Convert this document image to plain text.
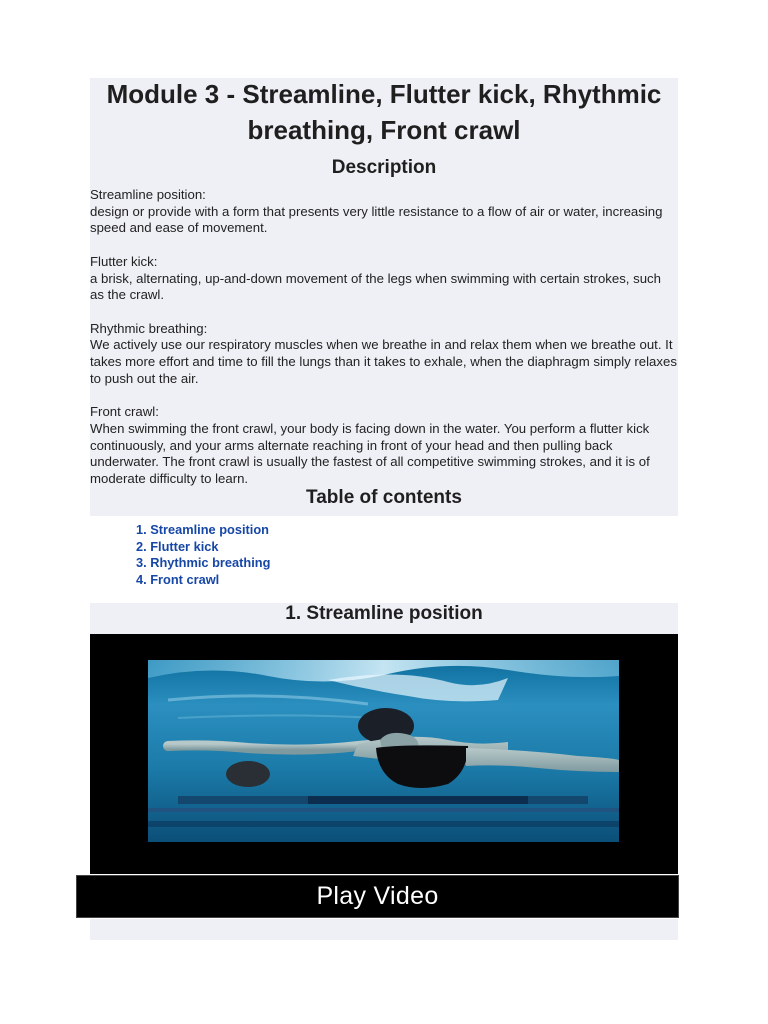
Module 3 - Streamline, Flutter kick, Rhythmic breathing, Front crawl
Description

Streamline position:

design or provide with a form that presents very little resistance to a flow of air or water, increasing speed and ease of movement.

Flutter kick:

a brisk, alternating, up-and-down movement of the legs when swimming with certain strokes, such as the crawl.

Rhythmic breathing:

We actively use our respiratory muscles when we breathe in and relax them when we breathe out. It takes more effort and time to fill the lungs than it takes to exhale, when the diaphragm simply relaxes to push out the air.

Front crawl:

When swimming the front crawl, your body is facing down in the water. You perform a flutter kick continuously, and your arms alternate reaching in front of your head and then pulling back underwater. The front crawl is usually the fastest of all competitive swimming strokes, and it is of moderate difficulty to learn.

Table of contents
1. Streamline position
2. Flutter kick
3. Rhythmic breathing
4. Front crawl
1. Streamline position
Play Video
